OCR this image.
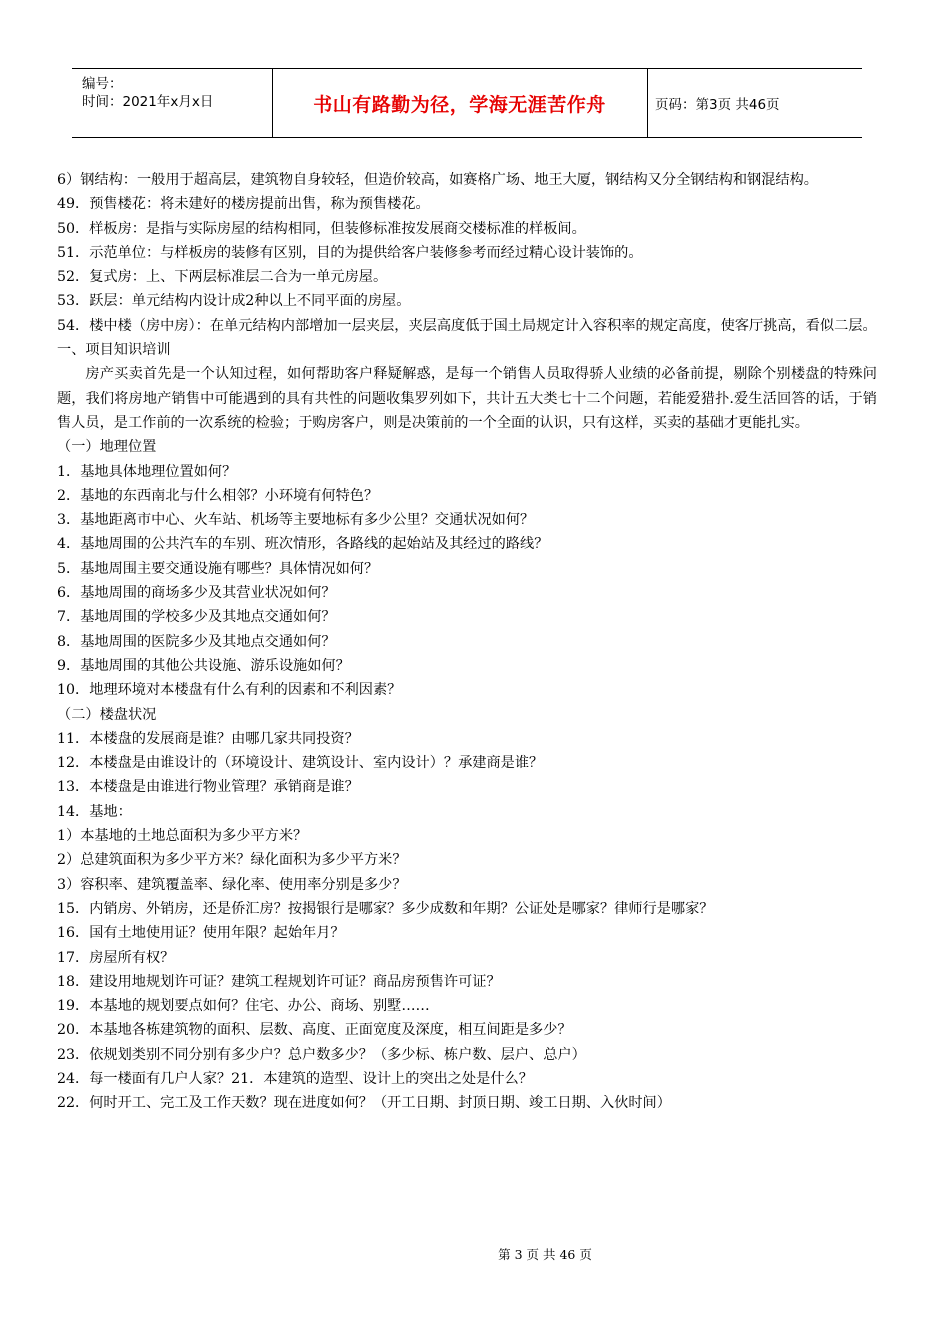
编号：
时间：2021年x月x日	书山有路勤为径，学海无涯苦作舟	页码：第3页 共46页

6）钢结构：一般用于超高层，建筑物自身较轻，但造价较高，如赛格广场、地王大厦，钢结构又分全钢结构和钢混结构。

49．预售楼花：将未建好的楼房提前出售，称为预售楼花。

50．样板房：是指与实际房屋的结构相同，但装修标准按发展商交楼标准的样板间。

51．示范单位：与样板房的装修有区别，目的为提供给客户装修参考而经过精心设计装饰的。

52．复式房：上、下两层标准层二合为一单元房屋。

53．跃层：单元结构内设计成2种以上不同平面的房屋。

54．楼中楼（房中房）：在单元结构内部增加一层夹层，夹层高度低于国土局规定计入容积率的规定高度，使客厅挑高，看似二层。

一、项目知识培训

房产买卖首先是一个认知过程，如何帮助客户释疑解惑，是每一个销售人员取得骄人业绩的必备前提，剔除个别楼盘的特殊问题，我们将房地产销售中可能遇到的具有共性的问题收集罗列如下，共计五大类七十二个问题，若能爱猎扑.爱生活回答的话，于销售人员，是工作前的一次系统的检验；于购房客户，则是决策前的一个全面的认识，只有这样，买卖的基础才更能扎实。

（一）地理位置

1．基地具体地理位置如何？

2．基地的东西南北与什么相邻？小环境有何特色？

3．基地距离市中心、火车站、机场等主要地标有多少公里？交通状况如何？

4．基地周围的公共汽车的车别、班次情形，各路线的起始站及其经过的路线？

5．基地周围主要交通设施有哪些？具体情况如何？

6．基地周围的商场多少及其营业状况如何？

7．基地周围的学校多少及其地点交通如何？

8．基地周围的医院多少及其地点交通如何？

9．基地周围的其他公共设施、游乐设施如何？

10．地理环境对本楼盘有什么有利的因素和不利因素？

（二）楼盘状况

11．本楼盘的发展商是谁？由哪几家共同投资？

12．本楼盘是由谁设计的（环境设计、建筑设计、室内设计）？承建商是谁？

13．本楼盘是由谁进行物业管理？承销商是谁？

14．基地：

1）本基地的土地总面积为多少平方米？

2）总建筑面积为多少平方米？绿化面积为多少平方米？

3）容积率、建筑覆盖率、绿化率、使用率分别是多少？

15．内销房、外销房，还是侨汇房？按揭银行是哪家？多少成数和年期？公证处是哪家？律师行是哪家？

16．国有土地使用证？使用年限？起始年月？

17．房屋所有权？

18．建设用地规划许可证？建筑工程规划许可证？商品房预售许可证？

19．本基地的规划要点如何？住宅、办公、商场、别墅……

20．本基地各栋建筑物的面积、层数、高度、正面宽度及深度，相互间距是多少？

23．依规划类别不同分别有多少户？总户数多少？（多少标、栋户数、层户、总户）

24．每一楼面有几户人家？21．本建筑的造型、设计上的突出之处是什么？

22．何时开工、完工及工作天数？现在进度如何？（开工日期、封顶日期、竣工日期、入伙时间）

第 3 页 共 46 页
